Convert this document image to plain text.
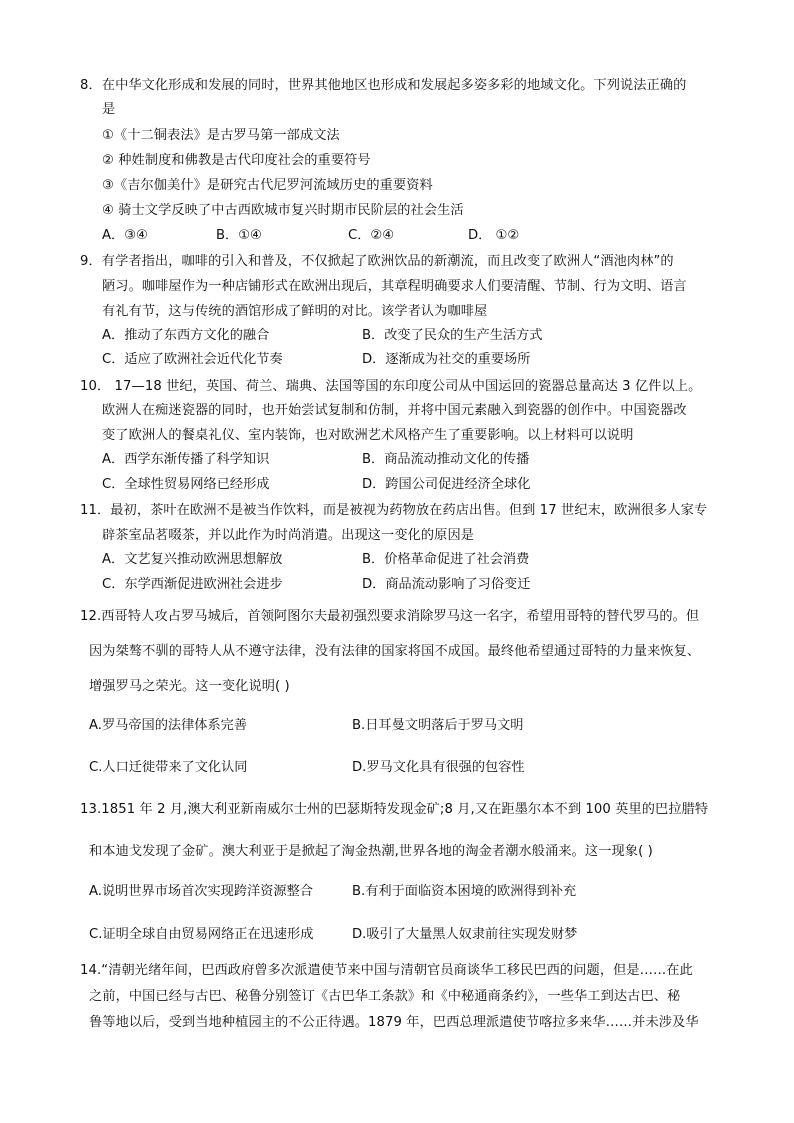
8．在中华文化形成和发展的同时，世界其他地区也形成和发展起多姿多彩的地域文化。下列说法正确的
是
①《十二铜表法》是古罗马第一部成文法
② 种姓制度和佛教是古代印度社会的重要符号
③《吉尔伽美什》是研究古代尼罗河流域历史的重要资料
④ 骑士文学反映了中古西欧城市复兴时期市民阶层的社会生活
A．③④	B．①④	C．②④	D． ①②
9．有学者指出，咖啡的引入和普及，不仅掀起了欧洲饮品的新潮流，而且改变了欧洲人“酒池肉林”的
陋习。咖啡屋作为一种店铺形式在欧洲出现后，其章程明确要求人们要清醒、节制、行为文明、语言
有礼有节，这与传统的酒馆形成了鲜明的对比。该学者认为咖啡屋
A．推动了东西方文化的融合	B．改变了民众的生产生活方式
C．适应了欧洲社会近代化节奏	D．逐渐成为社交的重要场所
10． 17—18 世纪，英国、荷兰、瑞典、法国等国的东印度公司从中国运回的瓷器总量高达 3 亿件以上。
欧洲人在痴迷瓷器的同时，也开始尝试复制和仿制，并将中国元素融入到瓷器的创作中。中国瓷器改
变了欧洲人的餐桌礼仪、室内装饰，也对欧洲艺术风格产生了重要影响。以上材料可以说明
A．西学东渐传播了科学知识	B．商品流动推动文化的传播
C．全球性贸易网络已经形成	D．跨国公司促进经济全球化
11．最初，茶叶在欧洲不是被当作饮料，而是被视为药物放在药店出售。但到 17 世纪末，欧洲很多人家专
辟茶室品茗啜茶，并以此作为时尚消遣。出现这一变化的原因是
A．文艺复兴推动欧洲思想解放	B．价格革命促进了社会消费
C．东学西渐促进欧洲社会进步	D．商品流动影响了习俗变迁
12.西哥特人攻占罗马城后，首领阿图尔夫最初强烈要求消除罗马这一名字，希望用哥特的替代罗马的。但
因为桀骜不驯的哥特人从不遵守法律，没有法律的国家将国不成国。最终他希望通过哥特的力量来恢复、
增强罗马之荣光。这一变化说明( )
A.罗马帝国的法律体系完善	B.日耳曼文明落后于罗马文明
C.人口迁徙带来了文化认同	D.罗马文化具有很强的包容性
13.1851 年 2 月,澳大利亚新南威尔士州的巴瑟斯特发现金矿;8 月,又在距墨尔本不到 100 英里的巴拉腊特
和本迪戈发现了金矿。澳大利亚于是掀起了淘金热潮,世界各地的淘金者潮水般涌来。这一现象( )
A.说明世界市场首次实现跨洋资源整合	B.有利于面临资本困境的欧洲得到补充
C.证明全球自由贸易网络正在迅速形成	D.吸引了大量黑人奴隶前往实现发财梦
14.“清朝光绪年间，巴西政府曾多次派遣使节来中国与清朝官员商谈华工移民巴西的问题，但是……在此
之前，中国已经与古巴、秘鲁分别签订《古巴华工条款》和《中秘通商条约》，一些华工到达古巴、秘
鲁等地以后，受到当地种植园主的不公正待遇。1879 年，巴西总理派遣使节喀拉多来华……并未涉及华
